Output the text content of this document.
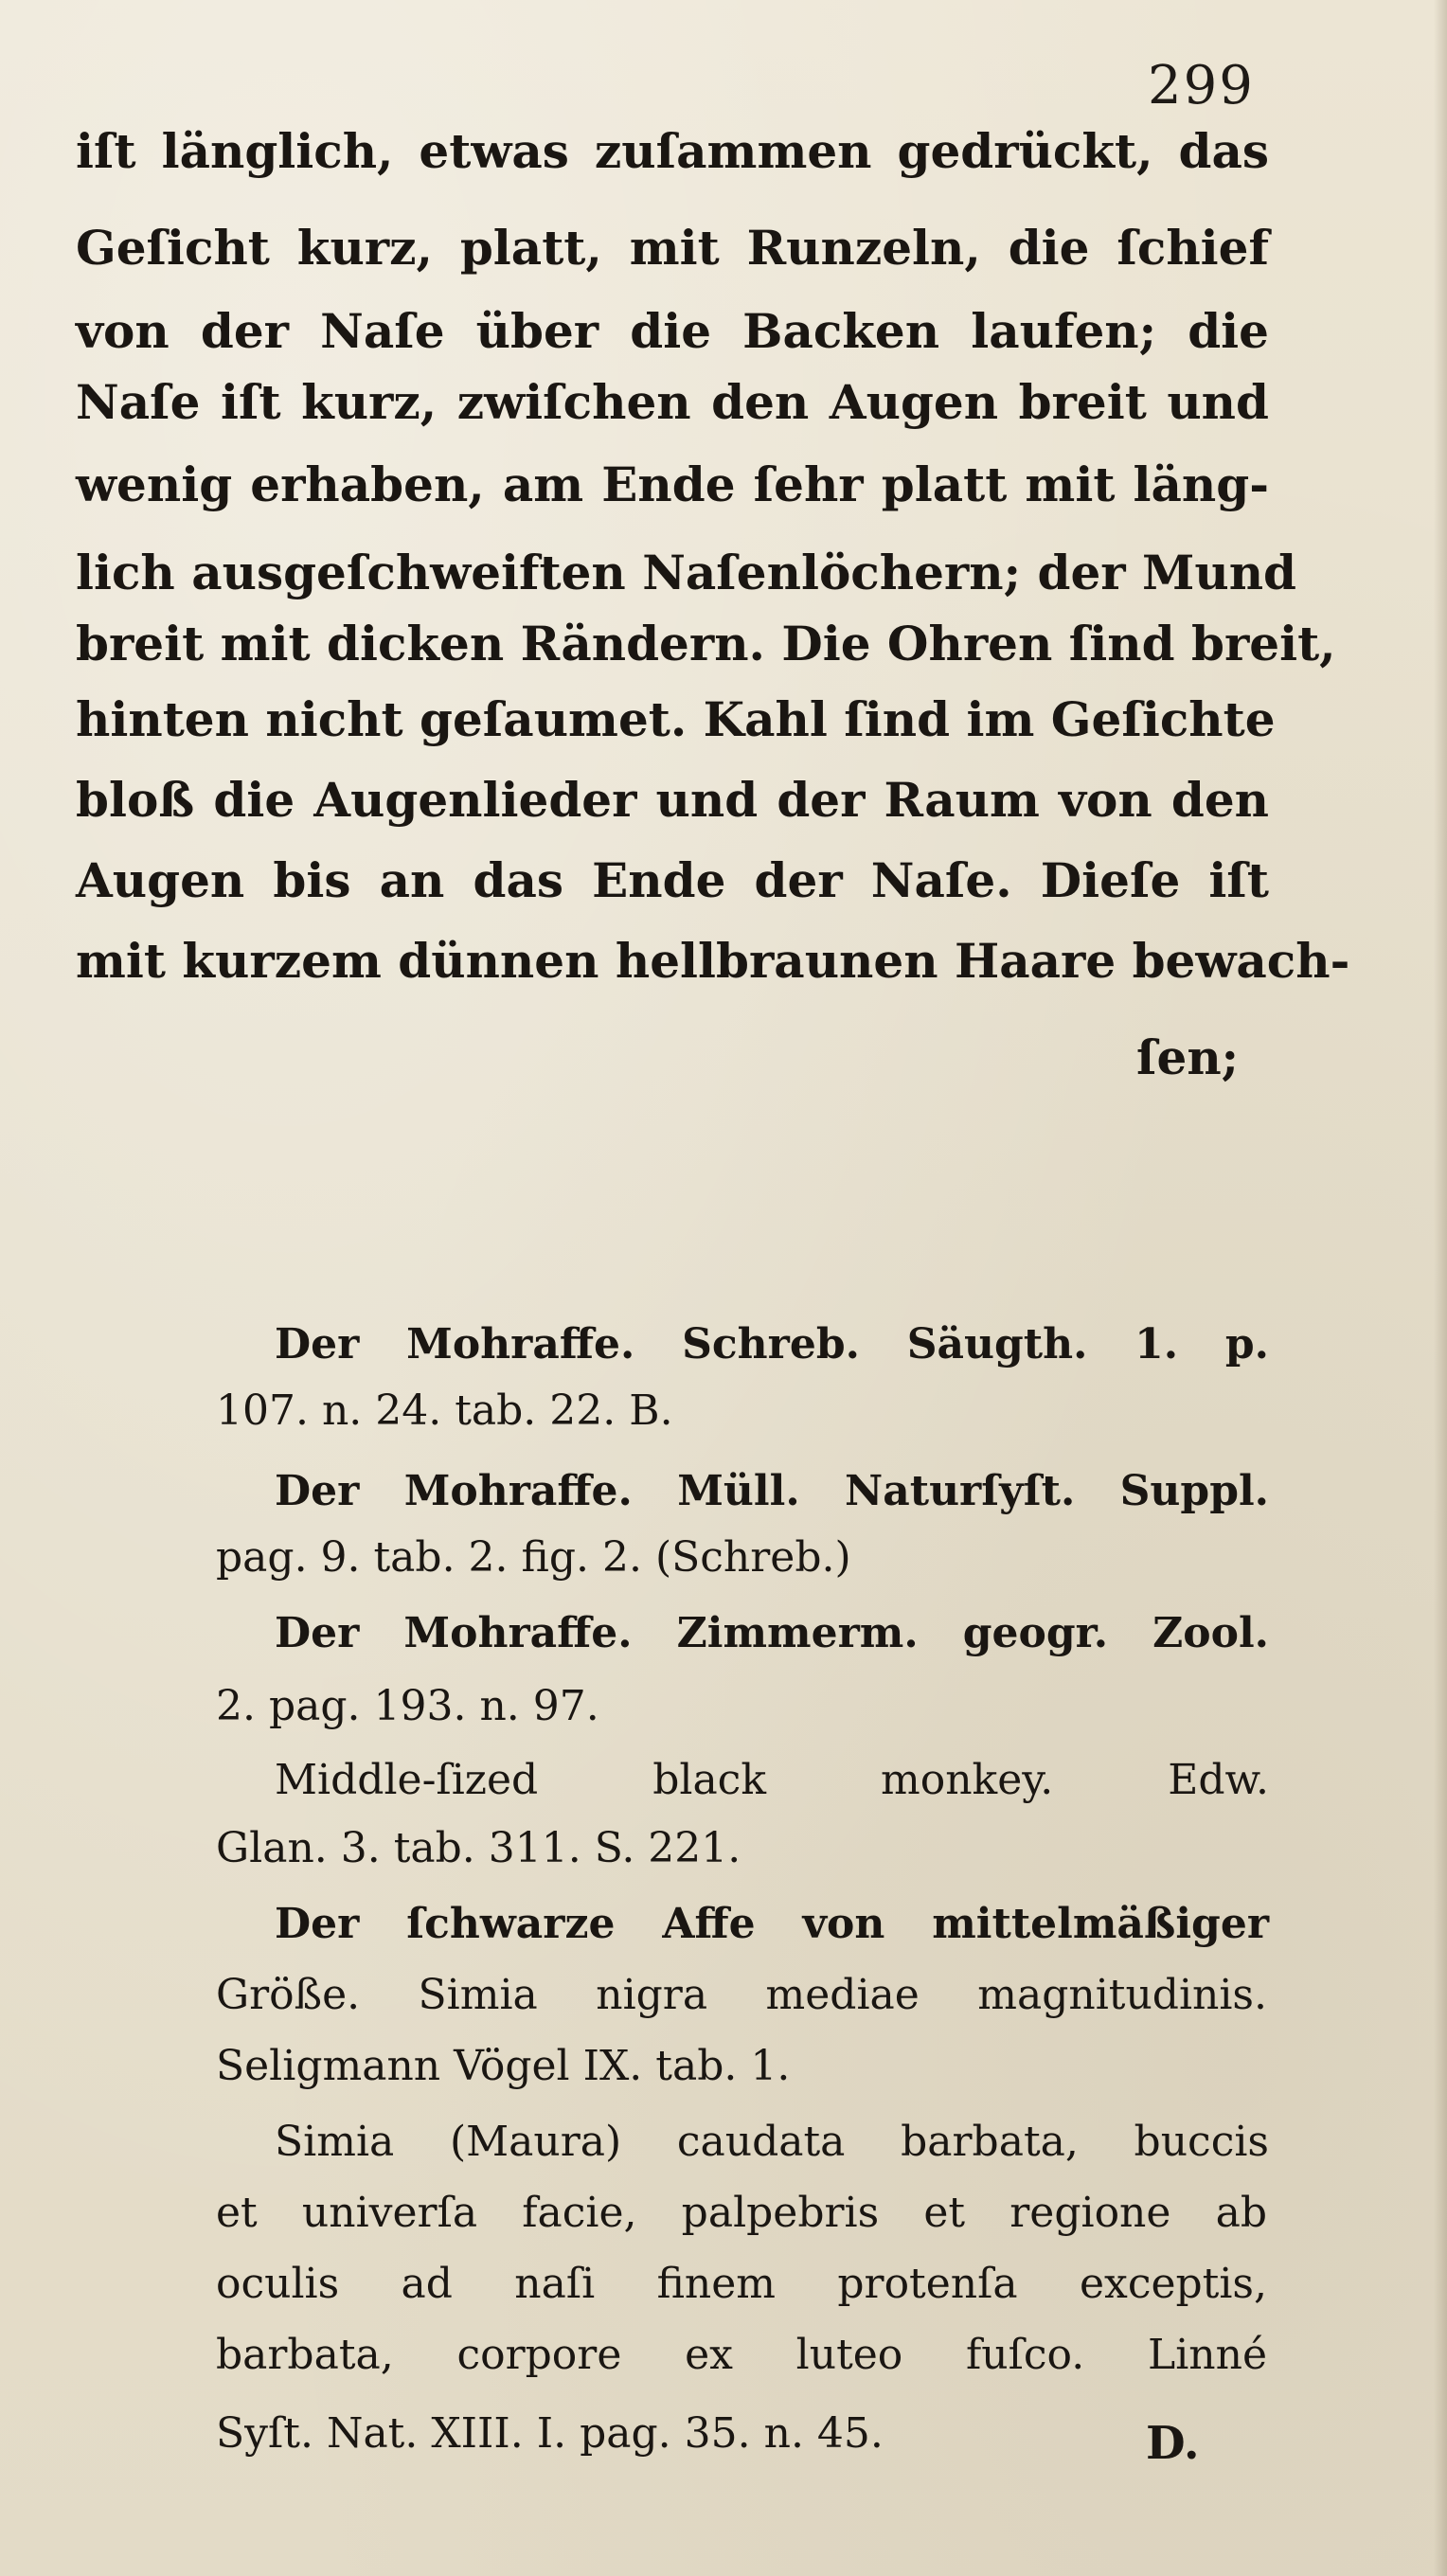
299
iſt länglich, etwas zuſammen gedrückt, das
Geſicht kurz, platt, mit Runzeln, die ſchief
von der Naſe über die Backen laufen; die
Naſe iſt kurz, zwiſchen den Augen breit und
wenig erhaben, am Ende ſehr platt mit läng-
lich ausgeſchweiften Naſenlöchern; der Mund
breit mit dicken Rändern. Die Ohren ſind breit,
hinten nicht geſaumet. Kahl ſind im Geſichte
bloß die Augenlieder und der Raum von den
Augen bis an das Ende der Naſe. Dieſe iſt
mit kurzem dünnen hellbraunen Haare bewach-
ſen;
Der Mohraffe. Schreb. Säugth. 1. p.
107. n. 24. tab. 22. B.
Der Mohraffe. Müll. Naturſyſt. Suppl.
pag. 9. tab. 2. fig. 2. (Schreb.)
Der Mohraffe. Zimmerm. geogr. Zool.
2. pag. 193. n. 97.
Middle-ſized black monkey. Edw.
Glan. 3. tab. 311. S. 221.
Der ſchwarze Affe von mittelmäßiger
Größe. Simia nigra mediae magnitudinis.
Seligmann Vögel IX. tab. 1.
Simia (Maura) caudata barbata, buccis
et univerſa facie, palpebris et regione ab
oculis ad naſi finem protenſa exceptis,
barbata, corpore ex luteo fuſco. Linné
Syſt. Nat. XIII. I. pag. 35. n. 45.	D.
